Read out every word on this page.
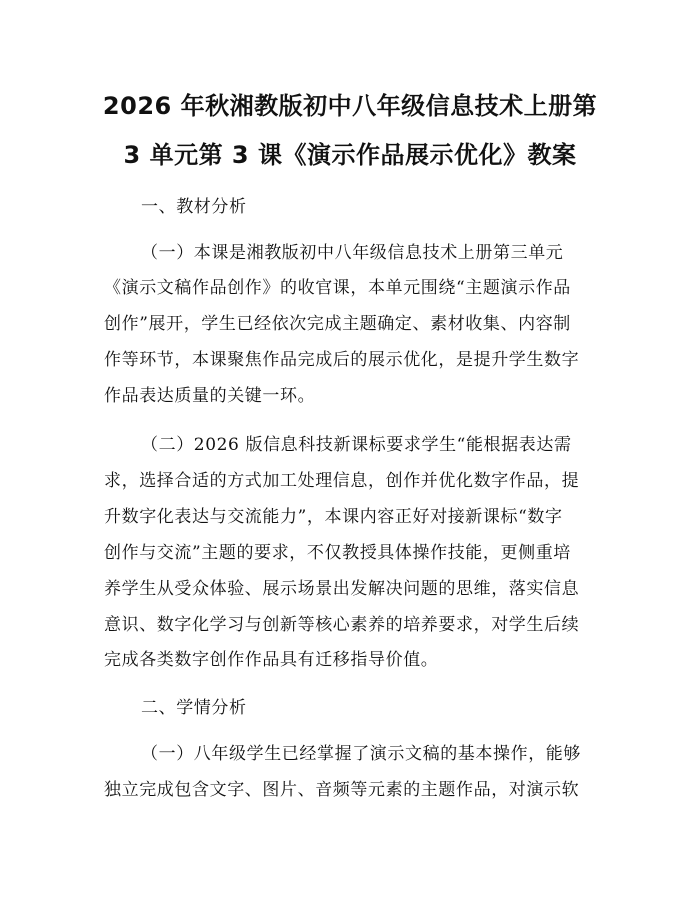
2026 年秋湘教版初中八年级信息技术上册第
3 单元第 3 课《演示作品展示优化》教案
一、教材分析
（一）本课是湘教版初中八年级信息技术上册第三单元
《演示文稿作品创作》的收官课，本单元围绕“主题演示作品
创作”展开，学生已经依次完成主题确定、素材收集、内容制
作等环节，本课聚焦作品完成后的展示优化，是提升学生数字
作品表达质量的关键一环。
（二）2026 版信息科技新课标要求学生“能根据表达需
求，选择合适的方式加工处理信息，创作并优化数字作品，提
升数字化表达与交流能力”，本课内容正好对接新课标“数字
创作与交流”主题的要求，不仅教授具体操作技能，更侧重培
养学生从受众体验、展示场景出发解决问题的思维，落实信息
意识、数字化学习与创新等核心素养的培养要求，对学生后续
完成各类数字创作作品具有迁移指导价值。
二、学情分析
（一）八年级学生已经掌握了演示文稿的基本操作，能够
独立完成包含文字、图片、音频等元素的主题作品，对演示软
